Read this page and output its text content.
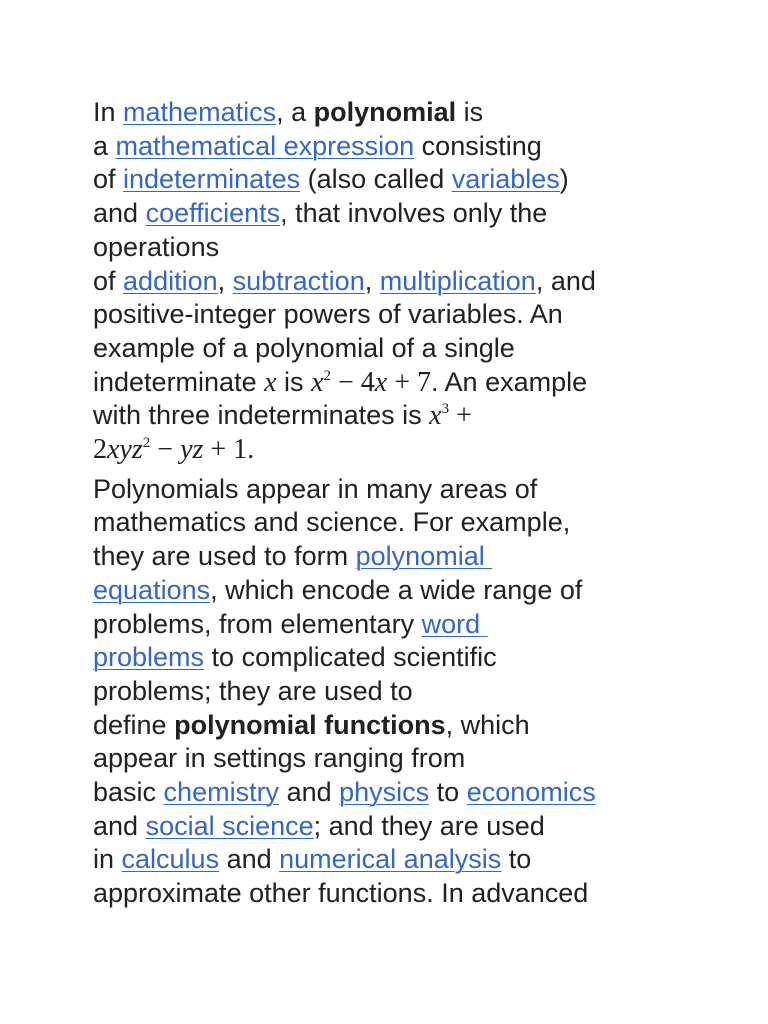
In mathematics, a polynomial is
a mathematical expression consisting
of indeterminates (also called variables)
and coefficients, that involves only the
operations
of addition, subtraction, multiplication, and
positive-integer powers of variables. An
example of a polynomial of a single
indeterminate x is $x^2 - 4x + 7$. An example
with three indeterminates is $x^3$ +
2xyz$^2$ − yz + 1.

Polynomials appear in many areas of
mathematics and science. For example,
they are used to form polynomial
equations, which encode a wide range of
problems, from elementary word
problems to complicated scientific
problems; they are used to
define polynomial functions, which
appear in settings ranging from
basic chemistry and physics to economics
and social science; and they are used
in calculus and numerical analysis to
approximate other functions. In advanced
